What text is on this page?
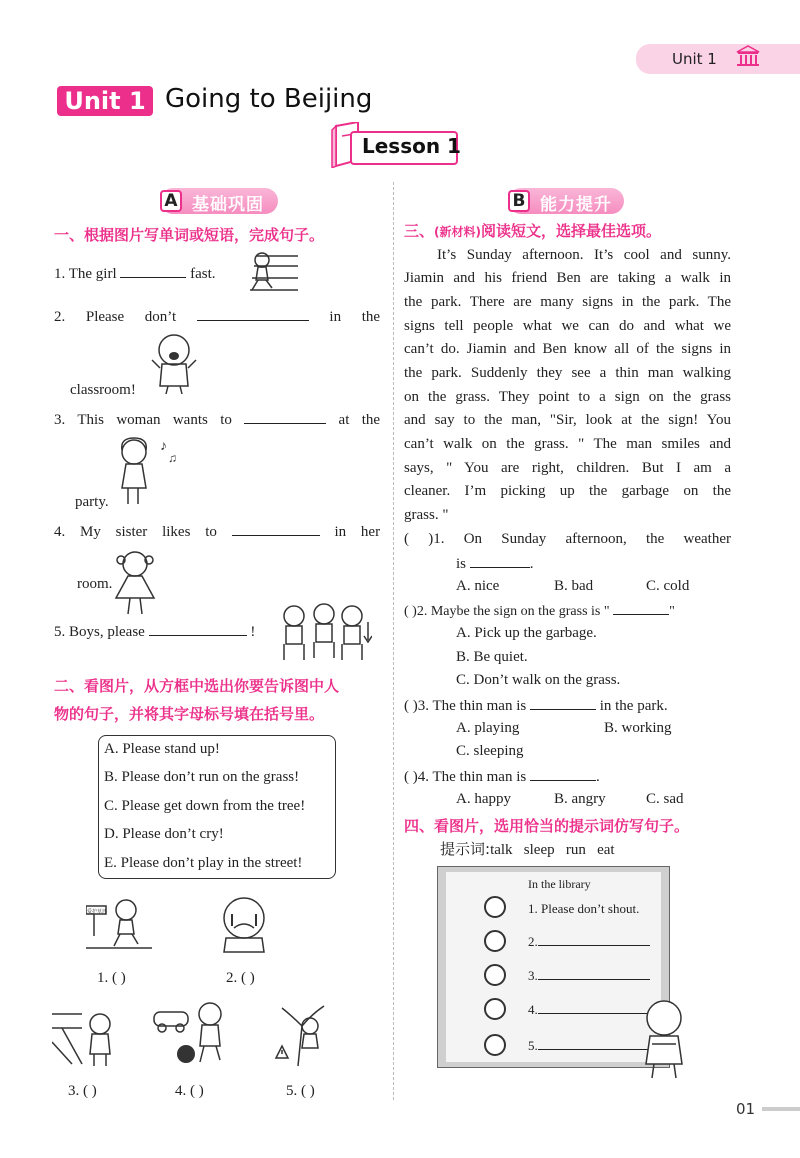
Unit 1
Unit 1 Going to Beijing
Lesson 1
A 基础巩固
一、根据图片写单词或短语，完成句子。
1. The girl	fast.
2. Please don’t	in the
classroom!
3. This woman wants to	at the
♪
♫
party.
4. My sister likes to	in her
room.
5. Boys, please	!
二、看图片，从方框中选出你要告诉图中人
物的句子，并将其字母标号填在括号里。
A. Please stand up!
B. Please don’t run on the grass!
C. Please get down from the tree!
D. Please don’t cry!
E. Please don’t play in the street!
爱护草坪
1. ( )	2. ( )
3. ( )	4. ( )	5. ( )
B 能力提升
三、(新材料)阅读短文，选择最佳选项。
It’s Sunday afternoon. It’s cool and sunny.
Jiamin and his friend Ben are taking a walk in
the park. There are many signs in the park. The
signs tell people what we can do and what we
can’t do. Jiamin and Ben know all of the signs in
the park. Suddenly they see a thin man walking
on the grass. They point to a sign on the grass
and say to the man, "Sir, look at the sign! You
can’t walk on the grass. " The man smiles and
says, " You are right, children. But I am a
cleaner. I’m picking up the garbage on the
grass. "
( )1. On Sunday afternoon, the weather
is	.
A. nice	B. bad	C. cold
( )2. Maybe the sign on the grass is "	"
A. Pick up the garbage.
B. Be quiet.
C. Don’t walk on the grass.
( )3. The thin man is	in the park.
A. playing	B. working
C. sleeping
( )4. The thin man is	.
A. happy	B. angry	C. sad
四、看图片，选用恰当的提示词仿写句子。
提示词:talk   sleep   run   eat
In the library
1. Please don’t shout.
2.
3.
4.
5.
01
